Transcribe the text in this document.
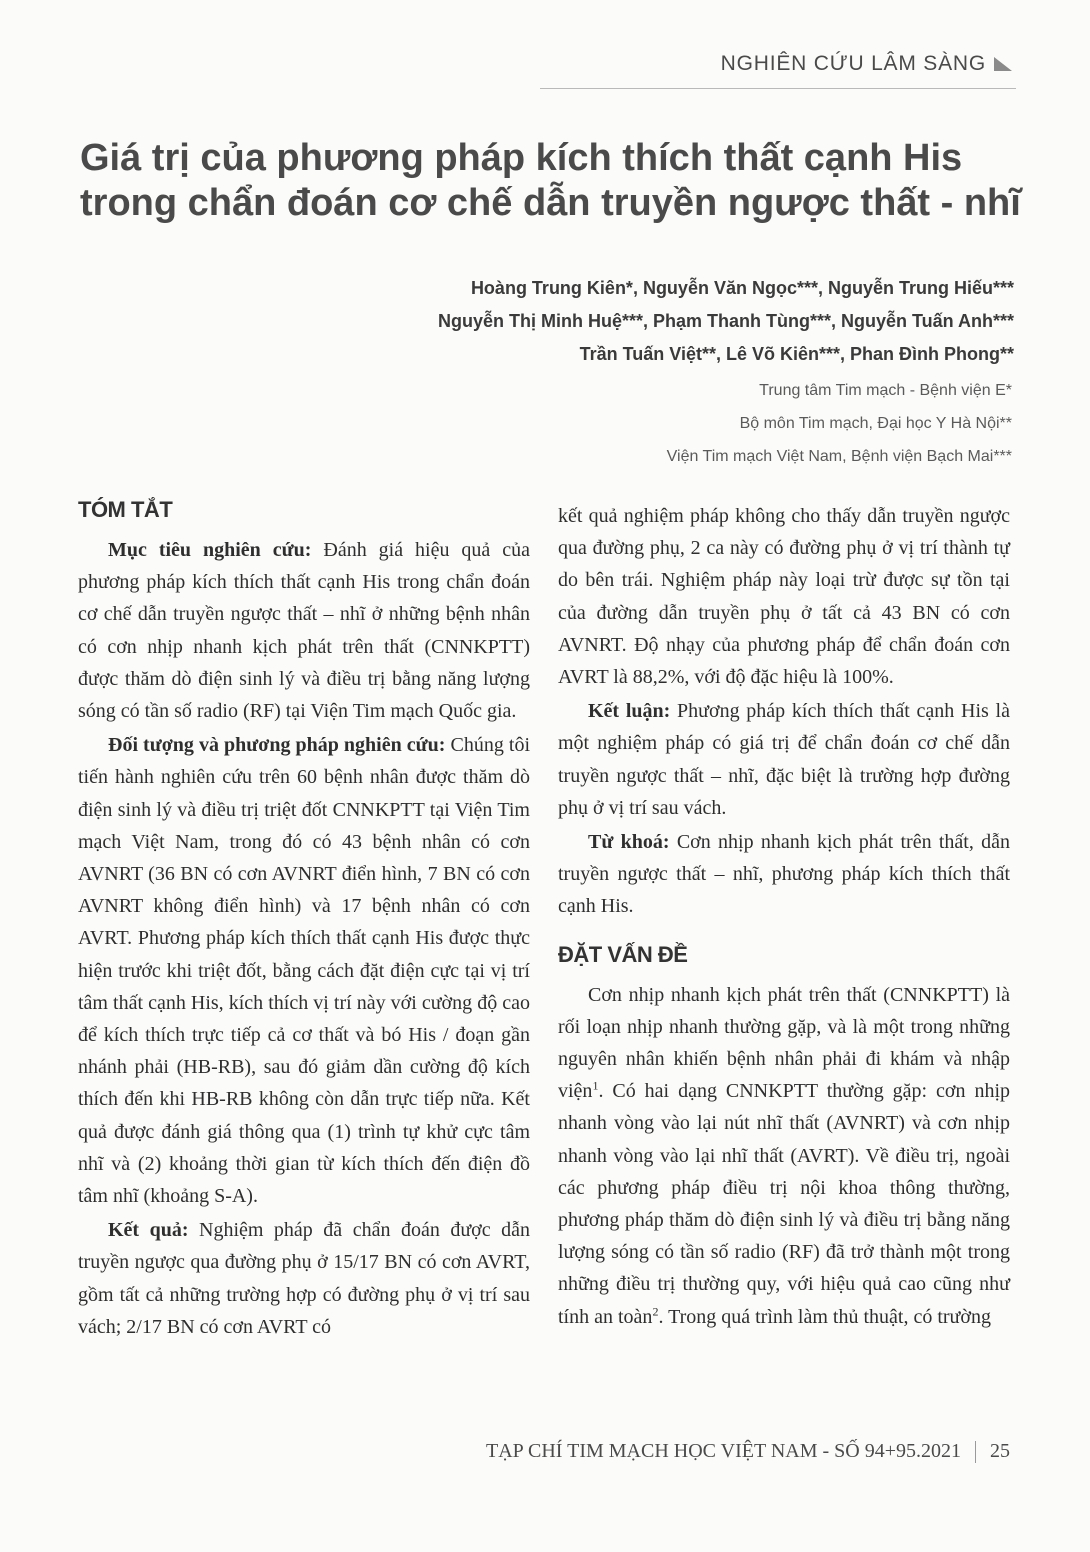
NGHIÊN CỨU LÂM SÀNG
Giá trị của phương pháp kích thích thất cạnh His
trong chẩn đoán cơ chế dẫn truyền ngược thất - nhĩ
Hoàng Trung Kiên*, Nguyễn Văn Ngọc***, Nguyễn Trung Hiếu***
Nguyễn Thị Minh Huệ***, Phạm Thanh Tùng***, Nguyễn Tuấn Anh***
Trần Tuấn Việt**, Lê Võ Kiên***, Phan Đình Phong**
Trung tâm Tim mạch - Bệnh viện E*
Bộ môn Tim mạch, Đại học Y Hà Nội**
Viện Tim mạch Việt Nam, Bệnh viện Bạch Mai***
TÓM TẮT

Mục tiêu nghiên cứu: Đánh giá hiệu quả của phương pháp kích thích thất cạnh His trong chẩn đoán cơ chế dẫn truyền ngược thất – nhĩ ở những bệnh nhân có cơn nhịp nhanh kịch phát trên thất (CNNKPTT) được thăm dò điện sinh lý và điều trị bằng năng lượng sóng có tần số radio (RF) tại Viện Tim mạch Quốc gia.

Đối tượng và phương pháp nghiên cứu: Chúng tôi tiến hành nghiên cứu trên 60 bệnh nhân được thăm dò điện sinh lý và điều trị triệt đốt CNNKPTT tại Viện Tim mạch Việt Nam, trong đó có 43 bệnh nhân có cơn AVNRT (36 BN có cơn AVNRT điển hình, 7 BN có cơn AVNRT không điển hình) và 17 bệnh nhân có cơn AVRT. Phương pháp kích thích thất cạnh His được thực hiện trước khi triệt đốt, bằng cách đặt điện cực tại vị trí tâm thất cạnh His, kích thích vị trí này với cường độ cao để kích thích trực tiếp cả cơ thất và bó His / đoạn gần nhánh phải (HB-RB), sau đó giảm dần cường độ kích thích đến khi HB-RB không còn dẫn trực tiếp nữa. Kết quả được đánh giá thông qua (1) trình tự khử cực tâm nhĩ và (2) khoảng thời gian từ kích thích đến điện đồ tâm nhĩ (khoảng S-A).

Kết quả: Nghiệm pháp đã chẩn đoán được dẫn truyền ngược qua đường phụ ở 15/17 BN có cơn AVRT, gồm tất cả những trường hợp có đường phụ ở vị trí sau vách; 2/17 BN có cơn AVRT có

kết quả nghiệm pháp không cho thấy dẫn truyền ngược qua đường phụ, 2 ca này có đường phụ ở vị trí thành tự do bên trái. Nghiệm pháp này loại trừ được sự tồn tại của đường dẫn truyền phụ ở tất cả 43 BN có cơn AVNRT. Độ nhạy của phương pháp để chẩn đoán cơn AVRT là 88,2%, với độ đặc hiệu là 100%.

Kết luận: Phương pháp kích thích thất cạnh His là một nghiệm pháp có giá trị để chẩn đoán cơ chế dẫn truyền ngược thất – nhĩ, đặc biệt là trường hợp đường phụ ở vị trí sau vách.

Từ khoá: Cơn nhịp nhanh kịch phát trên thất, dẫn truyền ngược thất – nhĩ, phương pháp kích thích thất cạnh His.

ĐẶT VẤN ĐỀ

Cơn nhịp nhanh kịch phát trên thất (CNNKPTT) là rối loạn nhịp nhanh thường gặp, và là một trong những nguyên nhân khiến bệnh nhân phải đi khám và nhập viện$^1$. Có hai dạng CNNKPTT thường gặp: cơn nhịp nhanh vòng vào lại nút nhĩ thất (AVNRT) và cơn nhịp nhanh vòng vào lại nhĩ thất (AVRT). Về điều trị, ngoài các phương pháp điều trị nội khoa thông thường, phương pháp thăm dò điện sinh lý và điều trị bằng năng lượng sóng có tần số radio (RF) đã trở thành một trong những điều trị thường quy, với hiệu quả cao cũng như tính an toàn$^2$. Trong quá trình làm thủ thuật, có trường

TẠP CHÍ TIM MẠCH HỌC VIỆT NAM - SỐ 94+95.2021 25
